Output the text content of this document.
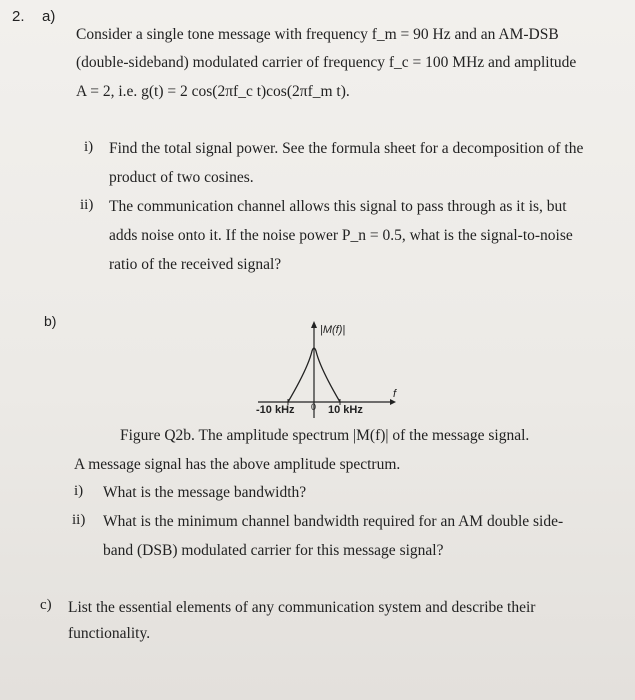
2. a)
Consider a single tone message with frequency f_m = 90 Hz and an AM-DSB
(double-sideband) modulated carrier of frequency f_c = 100 MHz and amplitude
A = 2, i.e. g(t) = 2 cos(2πf_c t)cos(2πf_m t).
i) Find the total signal power. See the formula sheet for a decomposition of the
product of two cosines.
ii) The communication channel allows this signal to pass through as it is, but
adds noise onto it. If the noise power P_n = 0.5, what is the signal-to-noise
ratio of the received signal?
b)
|M(f)|
f
-10 kHz 0 10 kHz
Figure Q2b. The amplitude spectrum |M(f)| of the message signal.
A message signal has the above amplitude spectrum.
i) What is the message bandwidth?
ii) What is the minimum channel bandwidth required for an AM double side-
band (DSB) modulated carrier for this message signal?
c) List the essential elements of any communication system and describe their
functionality.
